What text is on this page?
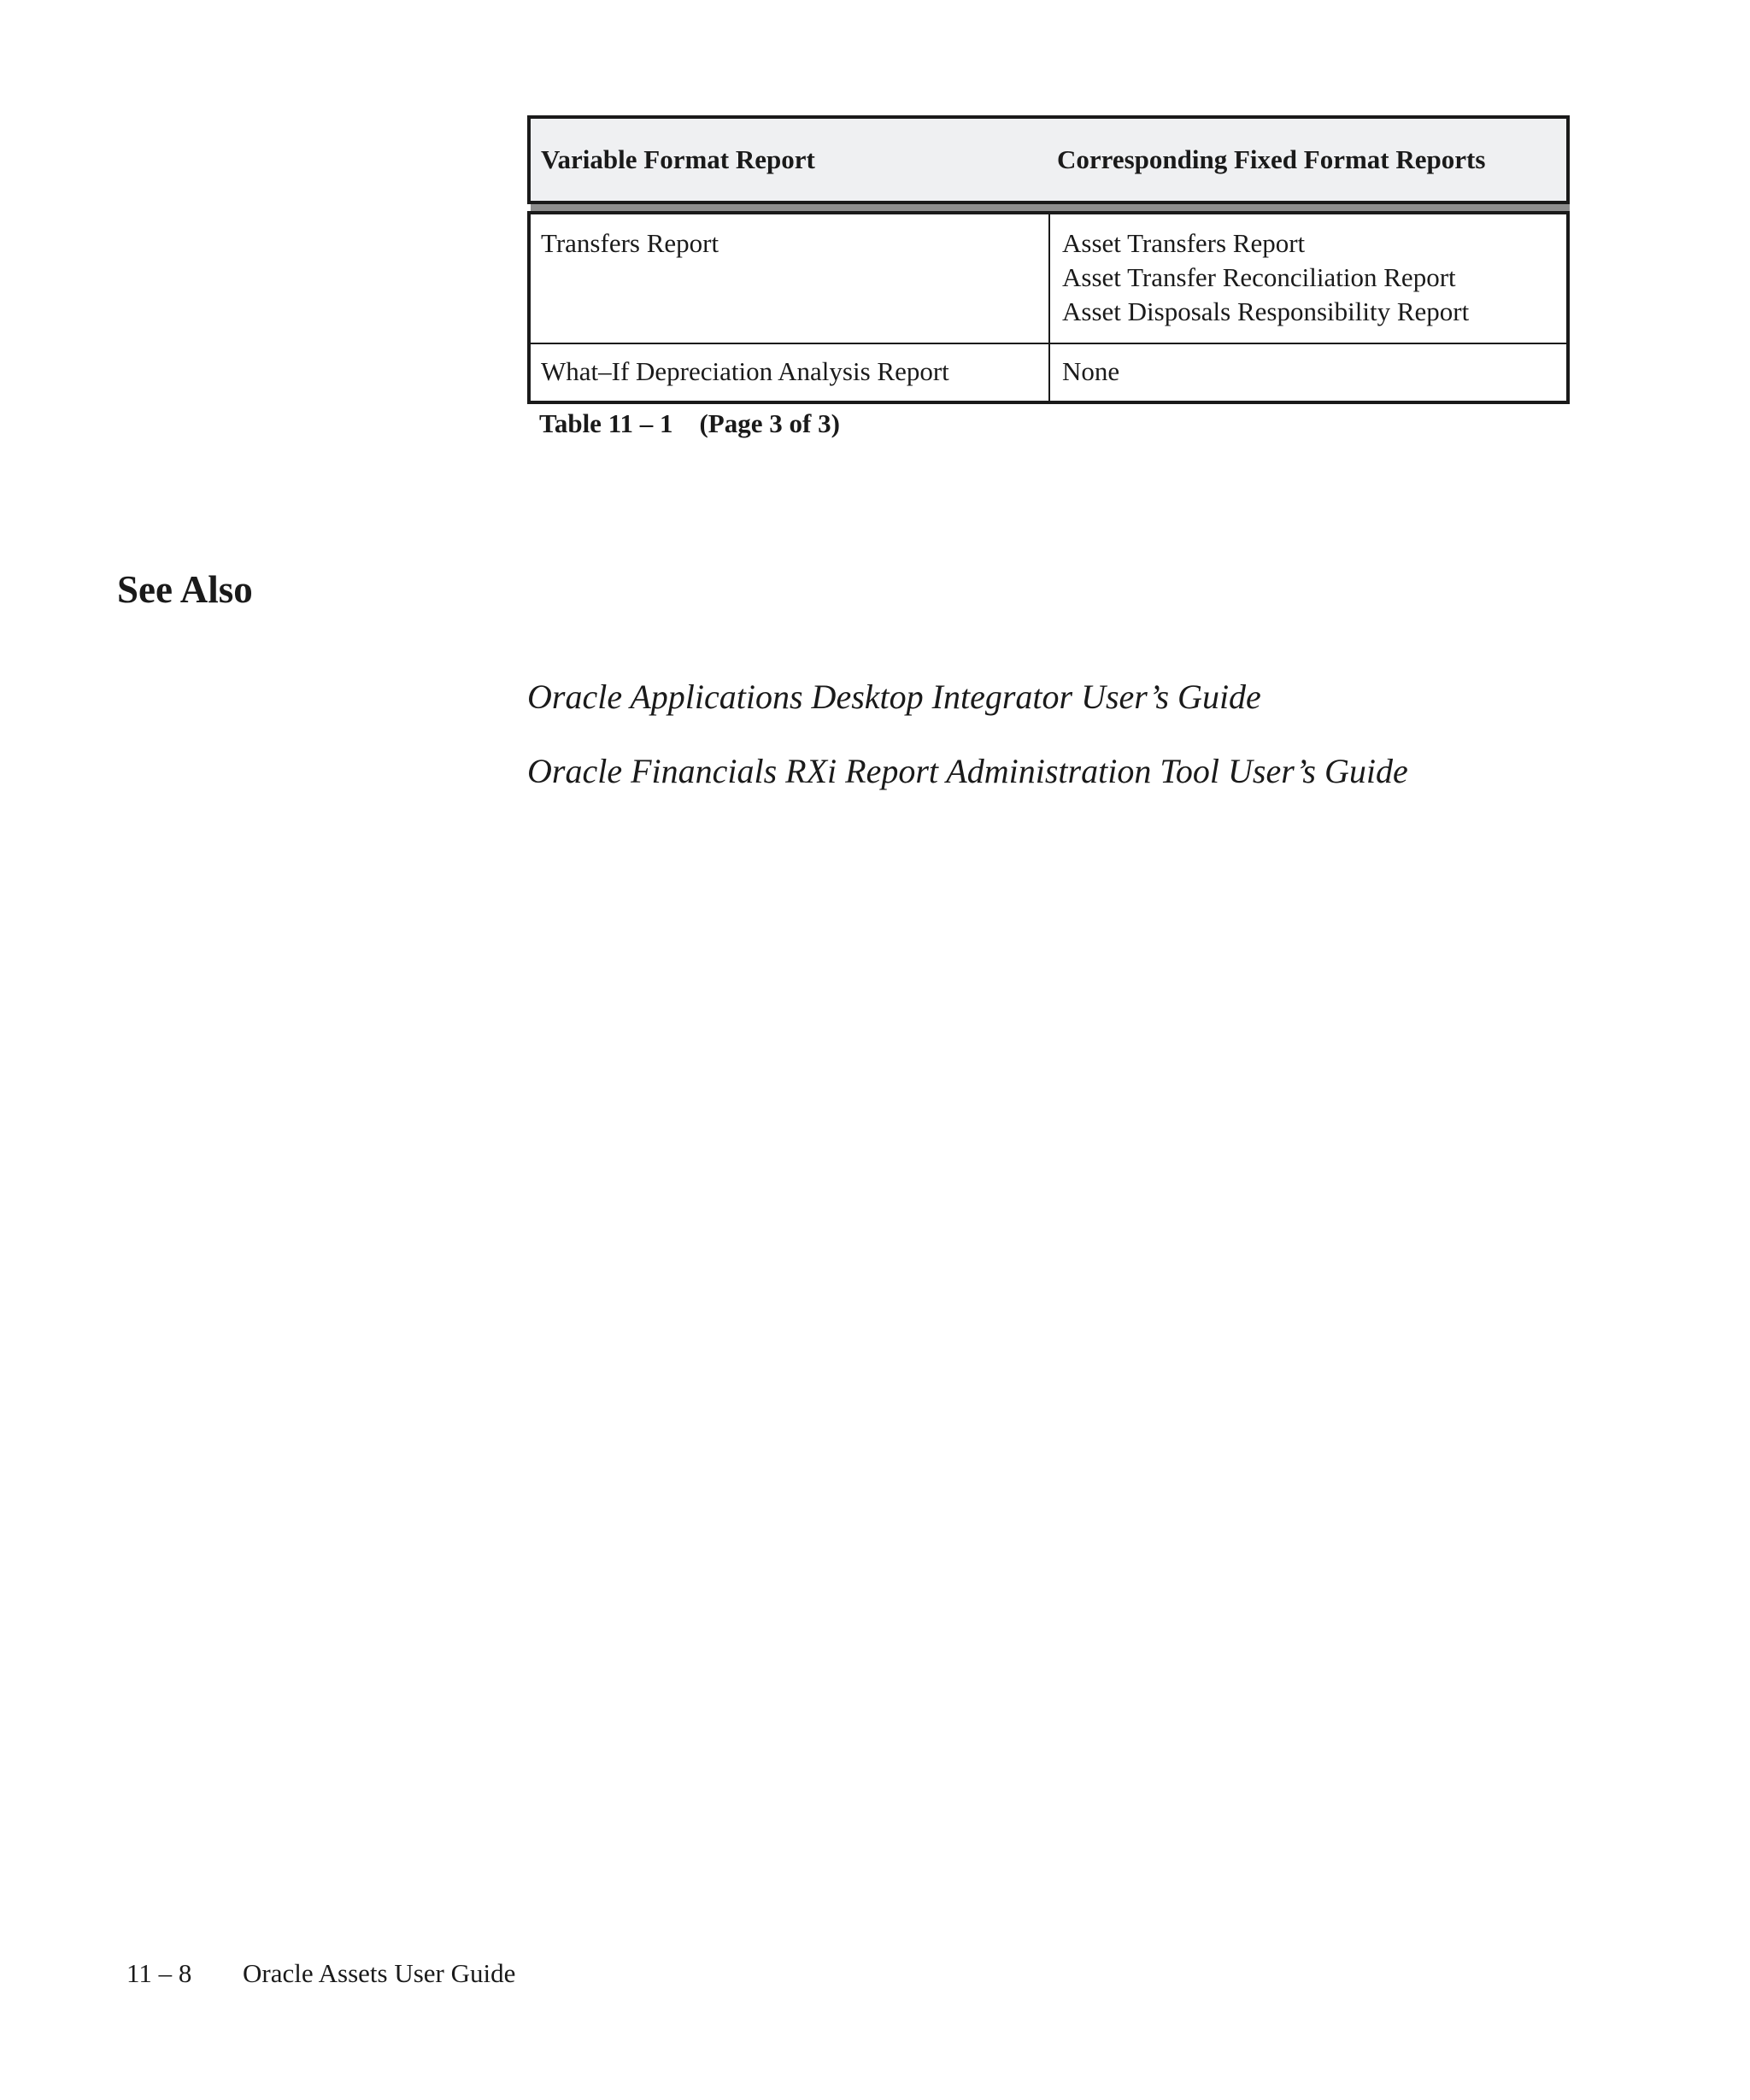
Variable Format Report	Corresponding Fixed Format Reports
Transfers Report	Asset Transfers Report
Asset Transfer Reconciliation Report
Asset Disposals Responsibility Report
What–If Depreciation Analysis Report	None
Table 11 – 1    (Page 3 of 3)
See Also
Oracle Applications Desktop Integrator User’s Guide
Oracle Financials RXi Report Administration Tool User’s Guide
11 – 8	Oracle Assets User Guide
